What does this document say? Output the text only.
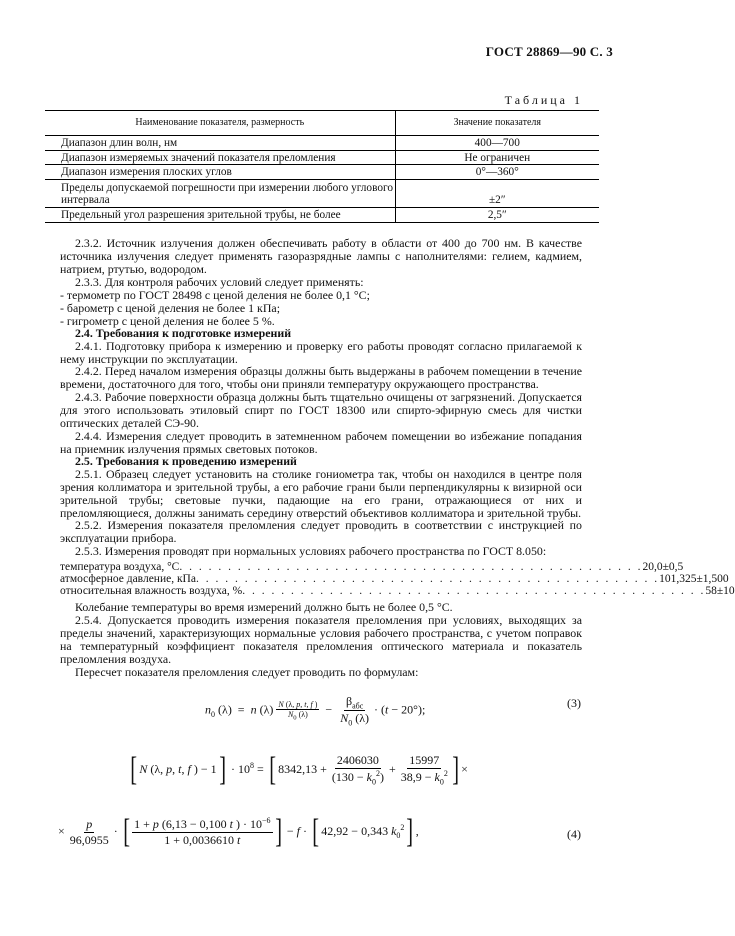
ГОСТ 28869—90 С. 3
Таблица 1
Наименование показателя, размерность	Значение показателя
Диапазон длин волн, нм	400—700
Диапазон измеряемых значений показателя преломления	Не ограничен
Диапазон измерения плоских углов	0°—360°
Пределы допускаемой погрешности при измерении любого углового интервала	±2″
Предельный угол разрешения зрительной трубы, не более	2,5″
2.3.2. Источник излучения должен обеспечивать работу в области от 400 до 700 нм. В качестве источника излучения следует применять газоразрядные лампы с наполнителями: гелием, кадмием, натрием, ртутью, водородом.
2.3.3. Для контроля рабочих условий следует применять:
- термометр по ГОСТ 28498 с ценой деления не более 0,1 °С;
- барометр с ценой деления не более 1 кПа;
- гигрометр с ценой деления не более 5 %.
2.4. Требования к подготовке измерений
2.4.1. Подготовку прибора к измерению и проверку его работы проводят согласно прилагаемой к нему инструкции по эксплуатации.
2.4.2. Перед началом измерения образцы должны быть выдержаны в рабочем помещении в течение времени, достаточного для того, чтобы они приняли температуру окружающего пространства.
2.4.3. Рабочие поверхности образца должны быть тщательно очищены от загрязнений. Допускается для этого использовать этиловый спирт по ГОСТ 18300 или спирто-эфирную смесь для чистки оптических деталей СЭ-90.
2.4.4. Измерения следует проводить в затемненном рабочем помещении во избежание попадания на приемник излучения прямых световых потоков.
2.5. Требования к проведению измерений
2.5.1. Образец следует установить на столике гониометра так, чтобы он находился в центре поля зрения коллиматора и зрительной трубы, а его рабочие грани были перпендикулярны к визирной оси зрительной трубы; световые пучки, падающие на его грани, отражающиеся от них и преломляющиеся, должны занимать середину отверстий объективов коллиматора и зрительной трубы.
2.5.2. Измерения показателя преломления следует проводить в соответствии с инструкцией по эксплуатации прибора.
2.5.3. Измерения проводят при нормальных условиях рабочего пространства по ГОСТ 8.050:
температура воздуха, °С . . . . . . . . . . . . . . . . . . . . . . . . . . . . . . . . . . . . . . . . . . . . . . . . 20,0±0,5
атмосферное давление, кПа . . . . . . . . . . . . . . . . . . . . . . . . . . . . . . . . . . . . . . . . . . . . . . . . 101,325±1,500
относительная влажность воздуха, % . . . . . . . . . . . . . . . . . . . . . . . . . . . . . . . . . . . . . . . . . . . . . . . . 58±10
Колебание температуры во время измерений должно быть не более 0,5 °С.
2.5.4. Допускается проводить измерения показателя преломления при условиях, выходящих за пределы значений, характеризующих нормальные условия рабочего пространства, с учетом поправок на температурный коэффициент показателя преломления оптического материала и показатель преломления воздуха.
Пересчет показателя преломления следует проводить по формулам:
$n_0$ (λ)  =  n $(\lambda) \frac{N (\lambda, p, t, f )}{N_0 (\lambda)} - \frac{\beta_{абс}}{N_0 (\lambda)} \cdot (t - 20^\circ)$;	(3)
[ N (λ, p, t, f ) − $1] \cdot 10^8$ = [ $8342,13 + \frac{2406030}{(130 - k_0^2)} + \frac{15997}{38,9 - k_0^2}$ ] ×
× $\frac{p}{96,0955}$ · [ $\frac{1 + p (6,13 - 0,100 t ) \cdot 10^{-6}}{1 + 0,0036610 t}$ ] − f · [ 42,92 − 0,343 $k_0^2$] ,	(4)
